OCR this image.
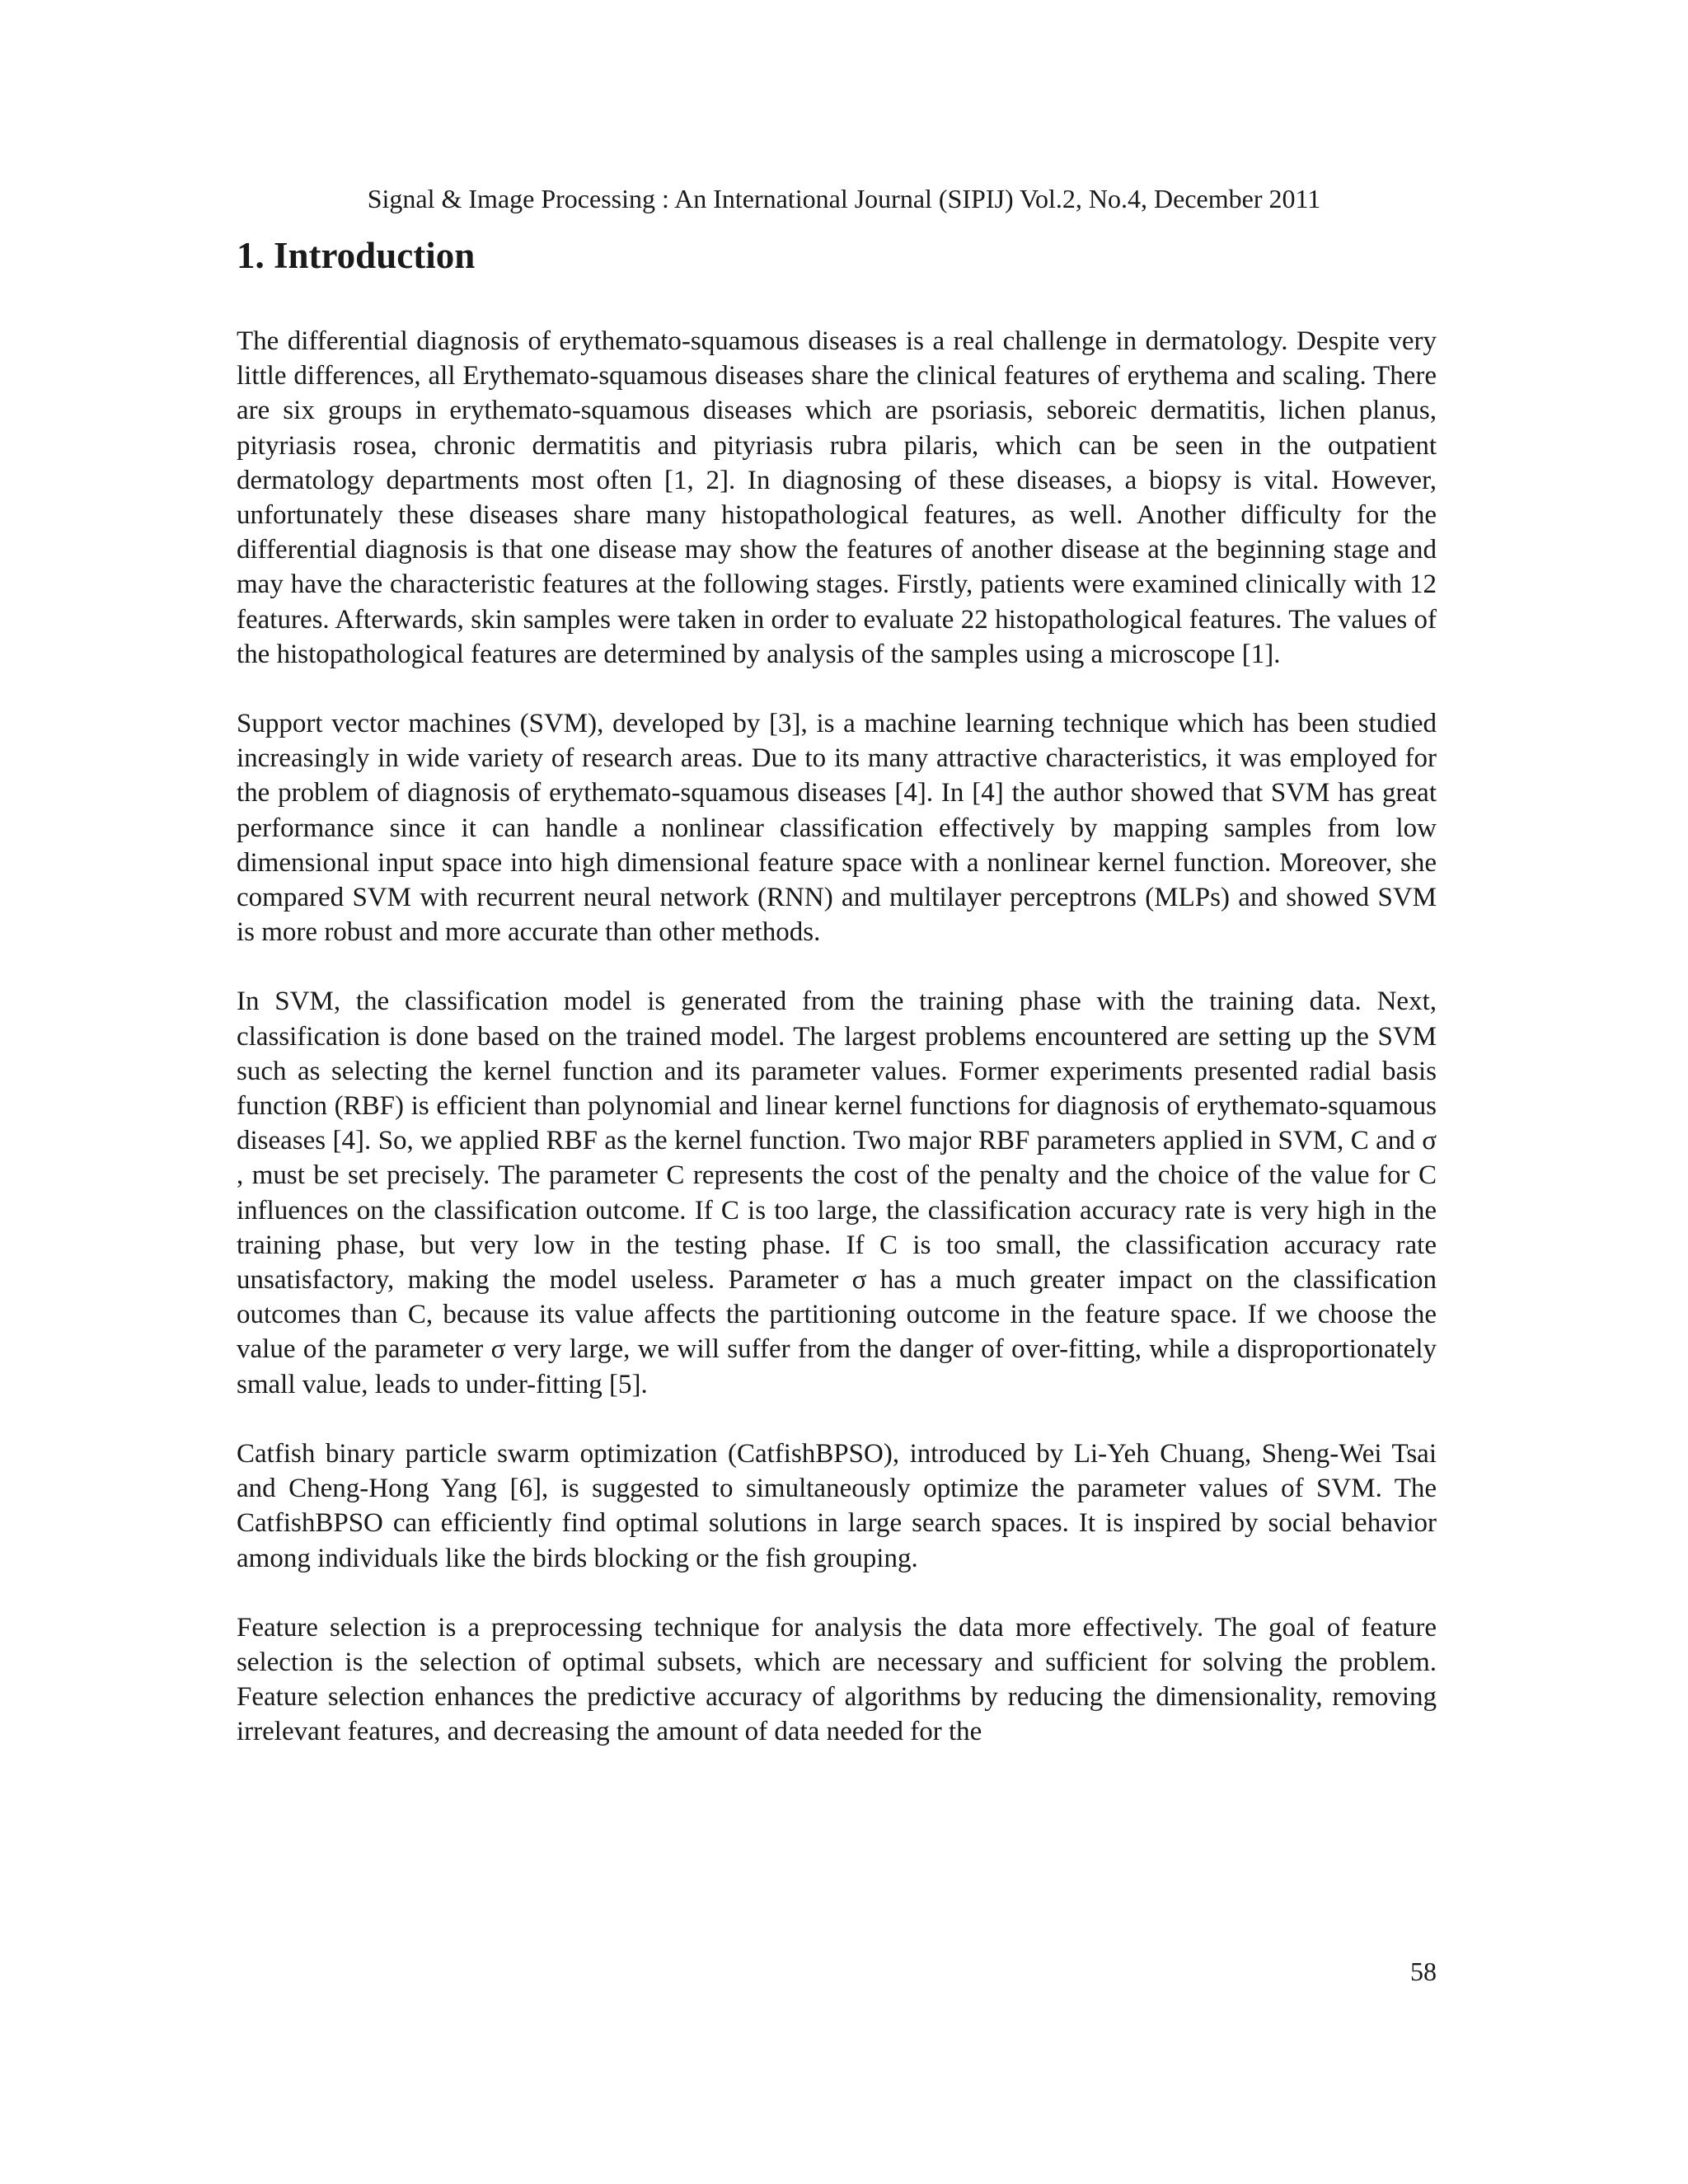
Signal & Image Processing : An International Journal (SIPIJ) Vol.2, No.4, December 2011

1. Introduction

The differential diagnosis of erythemato-squamous diseases is a real challenge in dermatology. Despite very little differences, all Erythemato-squamous diseases share the clinical features of erythema and scaling. There are six groups in erythemato-squamous diseases which are psoriasis, seboreic dermatitis, lichen planus, pityriasis rosea, chronic dermatitis and pityriasis rubra pilaris, which can be seen in the outpatient dermatology departments most often [1, 2]. In diagnosing of these diseases, a biopsy is vital. However, unfortunately these diseases share many histopathological features, as well. Another difficulty for the differential diagnosis is that one disease may show the features of another disease at the beginning stage and may have the characteristic features at the following stages. Firstly, patients were examined clinically with 12 features. Afterwards, skin samples were taken in order to evaluate 22 histopathological features. The values of the histopathological features are determined by analysis of the samples using a microscope [1].

Support vector machines (SVM), developed by [3], is a machine learning technique which has been studied increasingly in wide variety of research areas. Due to its many attractive characteristics, it was employed for the problem of diagnosis of erythemato-squamous diseases [4]. In [4] the author showed that SVM has great performance since it can handle a nonlinear classification effectively by mapping samples from low dimensional input space into high dimensional feature space with a nonlinear kernel function. Moreover, she compared SVM with recurrent neural network (RNN) and multilayer perceptrons (MLPs) and showed SVM is more robust and more accurate than other methods.

In SVM, the classification model is generated from the training phase with the training data. Next, classification is done based on the trained model. The largest problems encountered are setting up the SVM such as selecting the kernel function and its parameter values. Former experiments presented radial basis function (RBF) is efficient than polynomial and linear kernel functions for diagnosis of erythemato-squamous diseases [4]. So, we applied RBF as the kernel function. Two major RBF parameters applied in SVM, C and σ , must be set precisely. The parameter C represents the cost of the penalty and the choice of the value for C influences on the classification outcome. If C is too large, the classification accuracy rate is very high in the training phase, but very low in the testing phase. If C is too small, the classification accuracy rate unsatisfactory, making the model useless. Parameter σ has a much greater impact on the classification outcomes than C, because its value affects the partitioning outcome in the feature space. If we choose the value of the parameter σ very large, we will suffer from the danger of over-fitting, while a disproportionately small value, leads to under-fitting [5].

Catfish binary particle swarm optimization (CatfishBPSO), introduced by Li-Yeh Chuang, Sheng-Wei Tsai and Cheng-Hong Yang [6], is suggested to simultaneously optimize the parameter values of SVM. The CatfishBPSO can efficiently find optimal solutions in large search spaces. It is inspired by social behavior among individuals like the birds blocking or the fish grouping.

Feature selection is a preprocessing technique for analysis the data more effectively. The goal of feature selection is the selection of optimal subsets, which are necessary and sufficient for solving the problem. Feature selection enhances the predictive accuracy of algorithms by reducing the dimensionality, removing irrelevant features, and decreasing the amount of data needed for the

58
